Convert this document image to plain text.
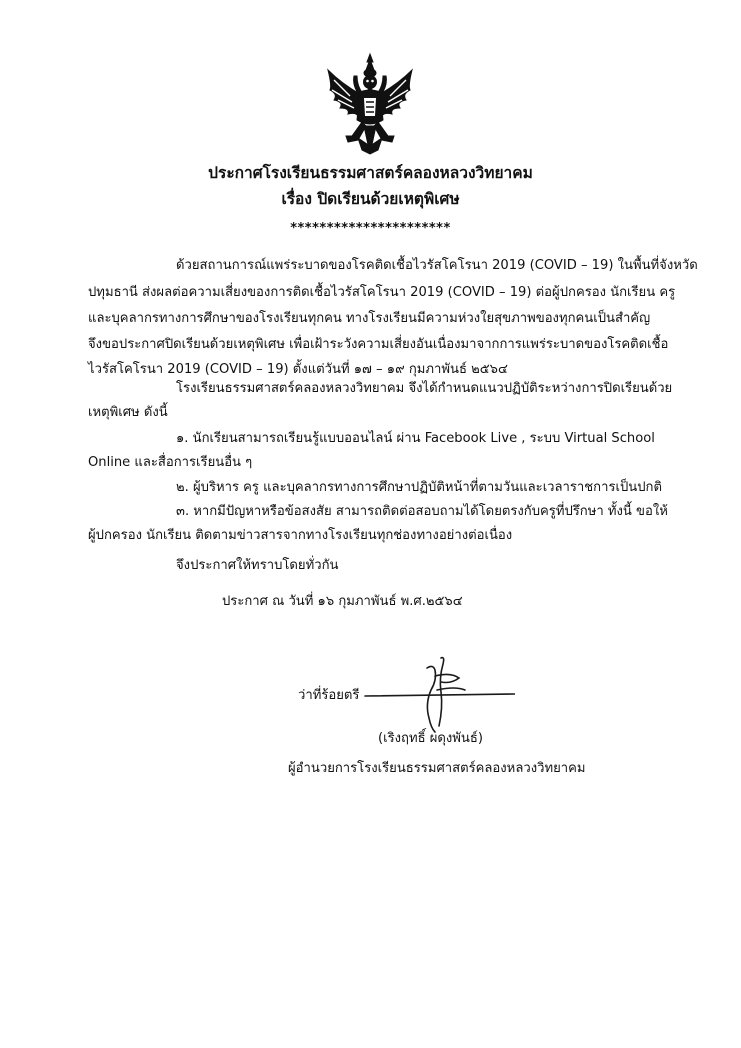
ประกาศโรงเรียนธรรมศาสตร์คลองหลวงวิทยาคม
เรื่อง ปิดเรียนด้วยเหตุพิเศษ
**********************
ด้วยสถานการณ์แพร่ระบาดของโรคติดเชื้อไวรัสโคโรนา 2019 (COVID – 19) ในพื้นที่จังหวัด
ปทุมธานี ส่งผลต่อความเสี่ยงของการติดเชื้อไวรัสโคโรนา 2019 (COVID – 19) ต่อผู้ปกครอง นักเรียน ครู
และบุคลากรทางการศึกษาของโรงเรียนทุกคน ทางโรงเรียนมีความห่วงใยสุขภาพของทุกคนเป็นสำคัญ
จึงขอประกาศปิดเรียนด้วยเหตุพิเศษ เพื่อเฝ้าระวังความเสี่ยงอันเนื่องมาจากการแพร่ระบาดของโรคติดเชื้อ
ไวรัสโคโรนา 2019 (COVID – 19) ตั้งแต่วันที่ ๑๗ – ๑๙ กุมภาพันธ์ ๒๕๖๔
โรงเรียนธรรมศาสตร์คลองหลวงวิทยาคม จึงได้กำหนดแนวปฏิบัติระหว่างการปิดเรียนด้วย
เหตุพิเศษ ดังนี้
๑. นักเรียนสามารถเรียนรู้แบบออนไลน์ ผ่าน Facebook Live , ระบบ Virtual School
Online และสื่อการเรียนอื่น ๆ
๒. ผู้บริหาร ครู และบุคลากรทางการศึกษาปฏิบัติหน้าที่ตามวันและเวลาราชการเป็นปกติ
๓. หากมีปัญหาหรือข้อสงสัย สามารถติดต่อสอบถามได้โดยตรงกับครูที่ปรึกษา ทั้งนี้ ขอให้
ผู้ปกครอง นักเรียน ติดตามข่าวสารจากทางโรงเรียนทุกช่องทางอย่างต่อเนื่อง
จึงประกาศให้ทราบโดยทั่วกัน
ประกาศ ณ วันที่ ๑๖ กุมภาพันธ์ พ.ศ.๒๕๖๔
ว่าที่ร้อยตรี
(เริงฤทธิ์ ผดุงพันธ์)
ผู้อำนวยการโรงเรียนธรรมศาสตร์คลองหลวงวิทยาคม
